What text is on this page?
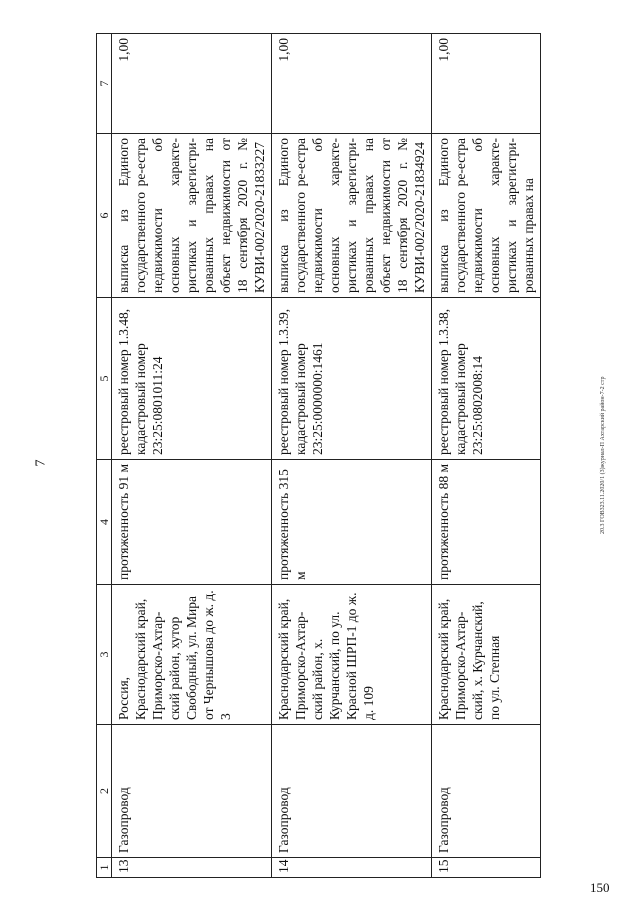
7
150
20.3 ГОВ323.11.2020/1 (3)журнал-П Ахтарский район-7-2 стр
1	2	3	4	5	6	7
13	Газопровод	Россия, Краснодарский край, Приморско-Ахтар-ский район, хутор Свободный, ул. Мира от Чернышова до ж. д. 3	протяженность 91 м	реестровый номер 1.3.48, кадастровый номер 23:25:0801011:24	выписка из Единого государственного ре-естра недвижимости об основных характе-ристиках и зарегистри-рованных правах на объект недвижимости от 18 сентября 2020 г. № КУВИ-002/2020-21833227	1,00
14	Газопровод	Краснодарский край, Приморско-Ахтар-ский район, х. Курчанский, по ул. Красной ШРП-1 до ж. д. 109	протяженность 315 м	реестровый номер 1.3.39, кадастровый номер 23:25:0000000:1461	выписка из Единого государственного ре-естра недвижимости об основных характе-ристиках и зарегистри-рованных правах на объект недвижимости от 18 сентября 2020 г. № КУВИ-002/2020-21834924	1,00
15	Газопровод	Краснодарский край, Приморско-Ахтар-ский, х. Курчанский, по ул. Степная	протяженность 88 м	реестровый номер 1.3.38, кадастровый номер 23:25:0802008:14	выписка из Единого государственного ре-естра недвижимости об основных характе-ристиках и зарегистри-рованных правах на	1,00
